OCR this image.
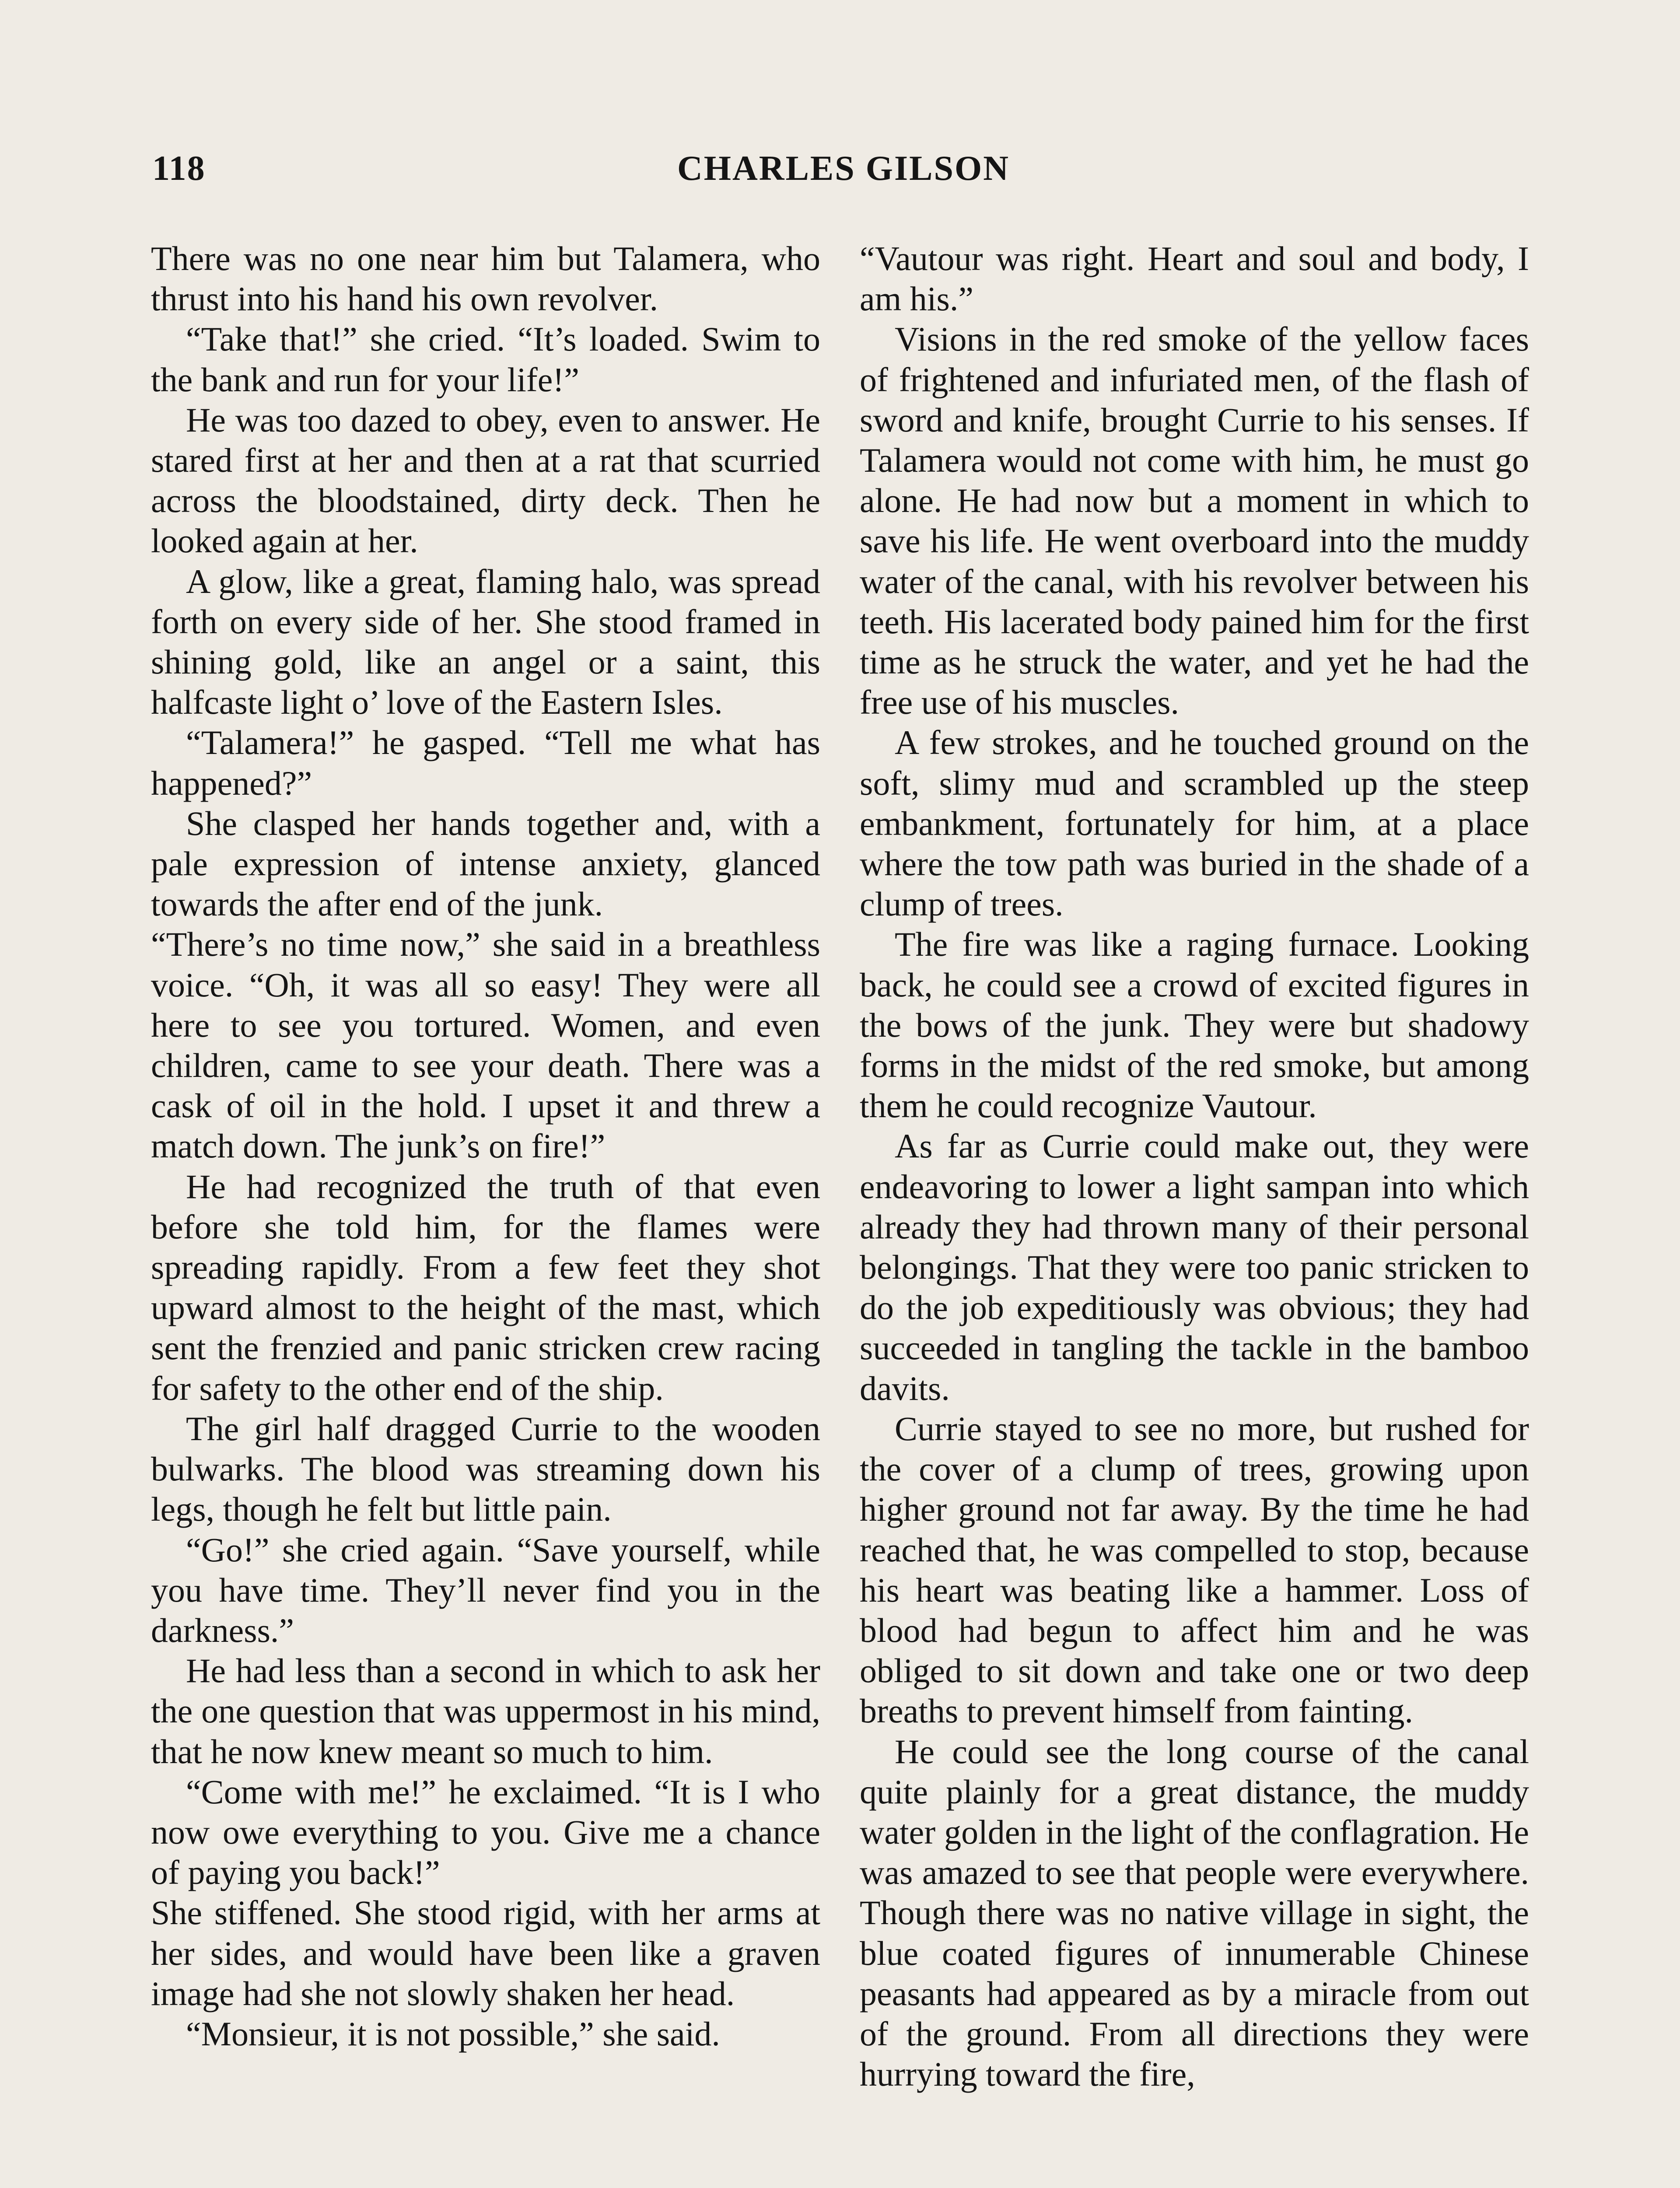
118	CHARLES GILSON

There was no one near him but Talamera, who thrust into his hand his own revolver.

“Take that!” she cried. “It’s loaded. Swim to the bank and run for your life!”

He was too dazed to obey, even to answer. He stared first at her and then at a rat that scurried across the bloodstained, dirty deck. Then he looked again at her.

A glow, like a great, flaming halo, was spread forth on every side of her. She stood framed in shining gold, like an angel or a saint, this halfcaste light o’ love of the Eastern Isles.

“Talamera!” he gasped. “Tell me what has happened?”

She clasped her hands together and, with a pale expression of intense anxiety, glanced towards the after end of the junk.

“There’s no time now,” she said in a breathless voice. “Oh, it was all so easy! They were all here to see you tortured. Women, and even children, came to see your death. There was a cask of oil in the hold. I upset it and threw a match down. The junk’s on fire!”

He had recognized the truth of that even before she told him, for the flames were spreading rapidly. From a few feet they shot upward almost to the height of the mast, which sent the frenzied and panic stricken crew racing for safety to the other end of the ship.

The girl half dragged Currie to the wooden bulwarks. The blood was streaming down his legs, though he felt but little pain.

“Go!” she cried again. “Save yourself, while you have time. They’ll never find you in the darkness.”

He had less than a second in which to ask her the one question that was uppermost in his mind, that he now knew meant so much to him.

“Come with me!” he exclaimed. “It is I who now owe everything to you. Give me a chance of paying you back!”

She stiffened. She stood rigid, with her arms at her sides, and would have been like a graven image had she not slowly shaken her head.

“Monsieur, it is not possible,” she said.

“Vautour was right. Heart and soul and body, I am his.”

Visions in the red smoke of the yellow faces of frightened and infuriated men, of the flash of sword and knife, brought Currie to his senses. If Talamera would not come with him, he must go alone. He had now but a moment in which to save his life. He went overboard into the muddy water of the canal, with his revolver between his teeth. His lacerated body pained him for the first time as he struck the water, and yet he had the free use of his muscles.

A few strokes, and he touched ground on the soft, slimy mud and scrambled up the steep embankment, fortunately for him, at a place where the tow path was buried in the shade of a clump of trees.

The fire was like a raging furnace. Looking back, he could see a crowd of excited figures in the bows of the junk. They were but shadowy forms in the midst of the red smoke, but among them he could recognize Vautour.

As far as Currie could make out, they were endeavoring to lower a light sampan into which already they had thrown many of their personal belongings. That they were too panic stricken to do the job expeditiously was obvious; they had succeeded in tangling the tackle in the bamboo davits.

Currie stayed to see no more, but rushed for the cover of a clump of trees, growing upon higher ground not far away. By the time he had reached that, he was compelled to stop, because his heart was beating like a hammer. Loss of blood had begun to affect him and he was obliged to sit down and take one or two deep breaths to prevent himself from fainting.

He could see the long course of the canal quite plainly for a great distance, the muddy water golden in the light of the conflagration. He was amazed to see that people were everywhere. Though there was no native village in sight, the blue coated figures of innumerable Chinese peasants had appeared as by a miracle from out of the ground. From all directions they were hurrying toward the fire,
